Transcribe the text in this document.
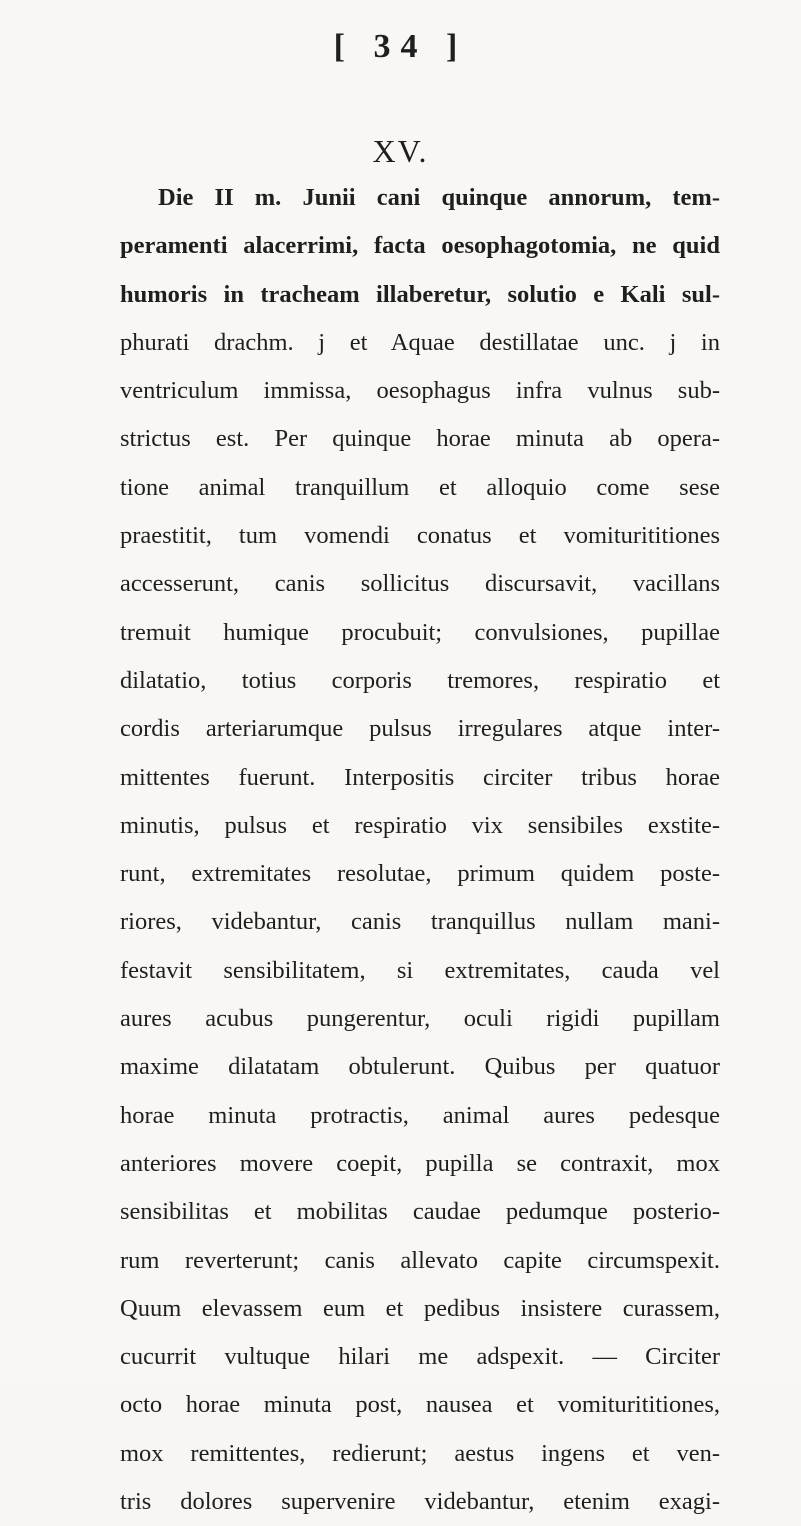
[ 34 ]
XV.
Die II m. Junii cani quinque annorum, tem-
peramenti alacerrimi, facta oesophagotomia, ne quid
humoris in tracheam illaberetur, solutio e Kali sul-
phurati drachm. j et Aquae destillatae unc. j in
ventriculum immissa, oesophagus infra vulnus sub-
strictus est. Per quinque horae minuta ab opera-
tione animal tranquillum et alloquio come sese
praestitit, tum vomendi conatus et vomiturititiones
accesserunt, canis sollicitus discursavit, vacillans
tremuit humique procubuit; convulsiones, pupillae
dilatatio, totius corporis tremores, respiratio et
cordis arteriarumque pulsus irregulares atque inter-
mittentes fuerunt. Interpositis circiter tribus horae
minutis, pulsus et respiratio vix sensibiles exstite-
runt, extremitates resolutae, primum quidem poste-
riores, videbantur, canis tranquillus nullam mani-
festavit sensibilitatem, si extremitates, cauda vel
aures acubus pungerentur, oculi rigidi pupillam
maxime dilatatam obtulerunt. Quibus per quatuor
horae minuta protractis, animal aures pedesque
anteriores movere coepit, pupilla se contraxit, mox
sensibilitas et mobilitas caudae pedumque posterio-
rum reverterunt; canis allevato capite circumspexit.
Quum elevassem eum et pedibus insistere curassem,
cucurrit vultuque hilari me adspexit. — Circiter
octo horae minuta post, nausea et vomiturititiones,
mox remittentes, redierunt; aestus ingens et ven-
tris dolores supervenire videbantur, etenim exagi-
